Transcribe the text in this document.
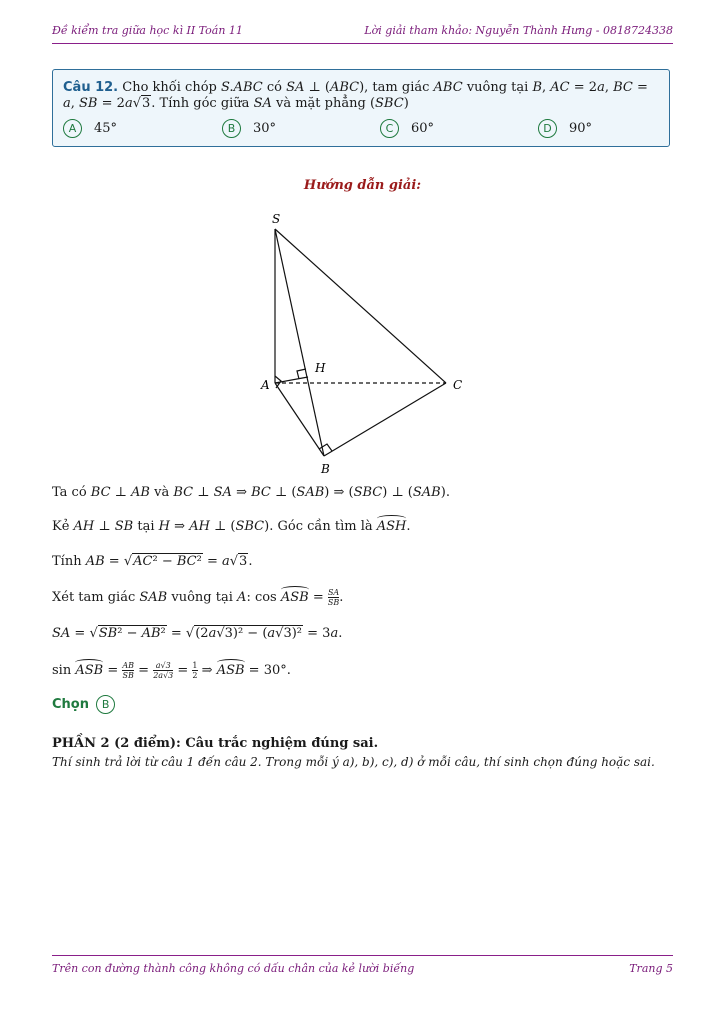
Đề kiểm tra giữa học kì II Toán 11	Lời giải tham khảo: Nguyễn Thành Hưng - 0818724338
Câu 12. Cho khối chóp S.ABC có SA ⊥ (ABC), tam giác ABC vuông tại B, AC = 2a, BC = a, SB = 2a√3. Tính góc giữa SA và mặt phẳng (SBC)
A 45°	B 30°	C 60°	D 90°
Hướng dẫn giải:
S
A
B
C
H
Ta có BC ⊥ AB và BC ⊥ SA ⇒ BC ⊥ (SAB) ⇒ (SBC) ⊥ (SAB).
Kẻ AH ⊥ SB tại H ⇒ AH ⊥ (SBC). Góc cần tìm là ASH.
Tính AB = √AC² − BC² = a√3.
Xét tam giác SAB vuông tại A: cos ASB = $\frac{SA}{SB}$ .
SA = √SB² − AB² = √(2a√3)² − (a√3)² = 3a.
sin ASB = $\frac{AB}{SB} = \frac{a√3}{2a√3} = \frac{1}{2}$ ⇒ ASB = 30°.
Chọn B
PHẦN 2 (2 điểm): Câu trắc nghiệm đúng sai.
Thí sinh trả lời từ câu 1 đến câu 2. Trong mỗi ý a), b), c), d) ở mỗi câu, thí sinh chọn đúng hoặc sai.
Trên con đường thành công không có dấu chân của kẻ lười biếng	Trang 5
